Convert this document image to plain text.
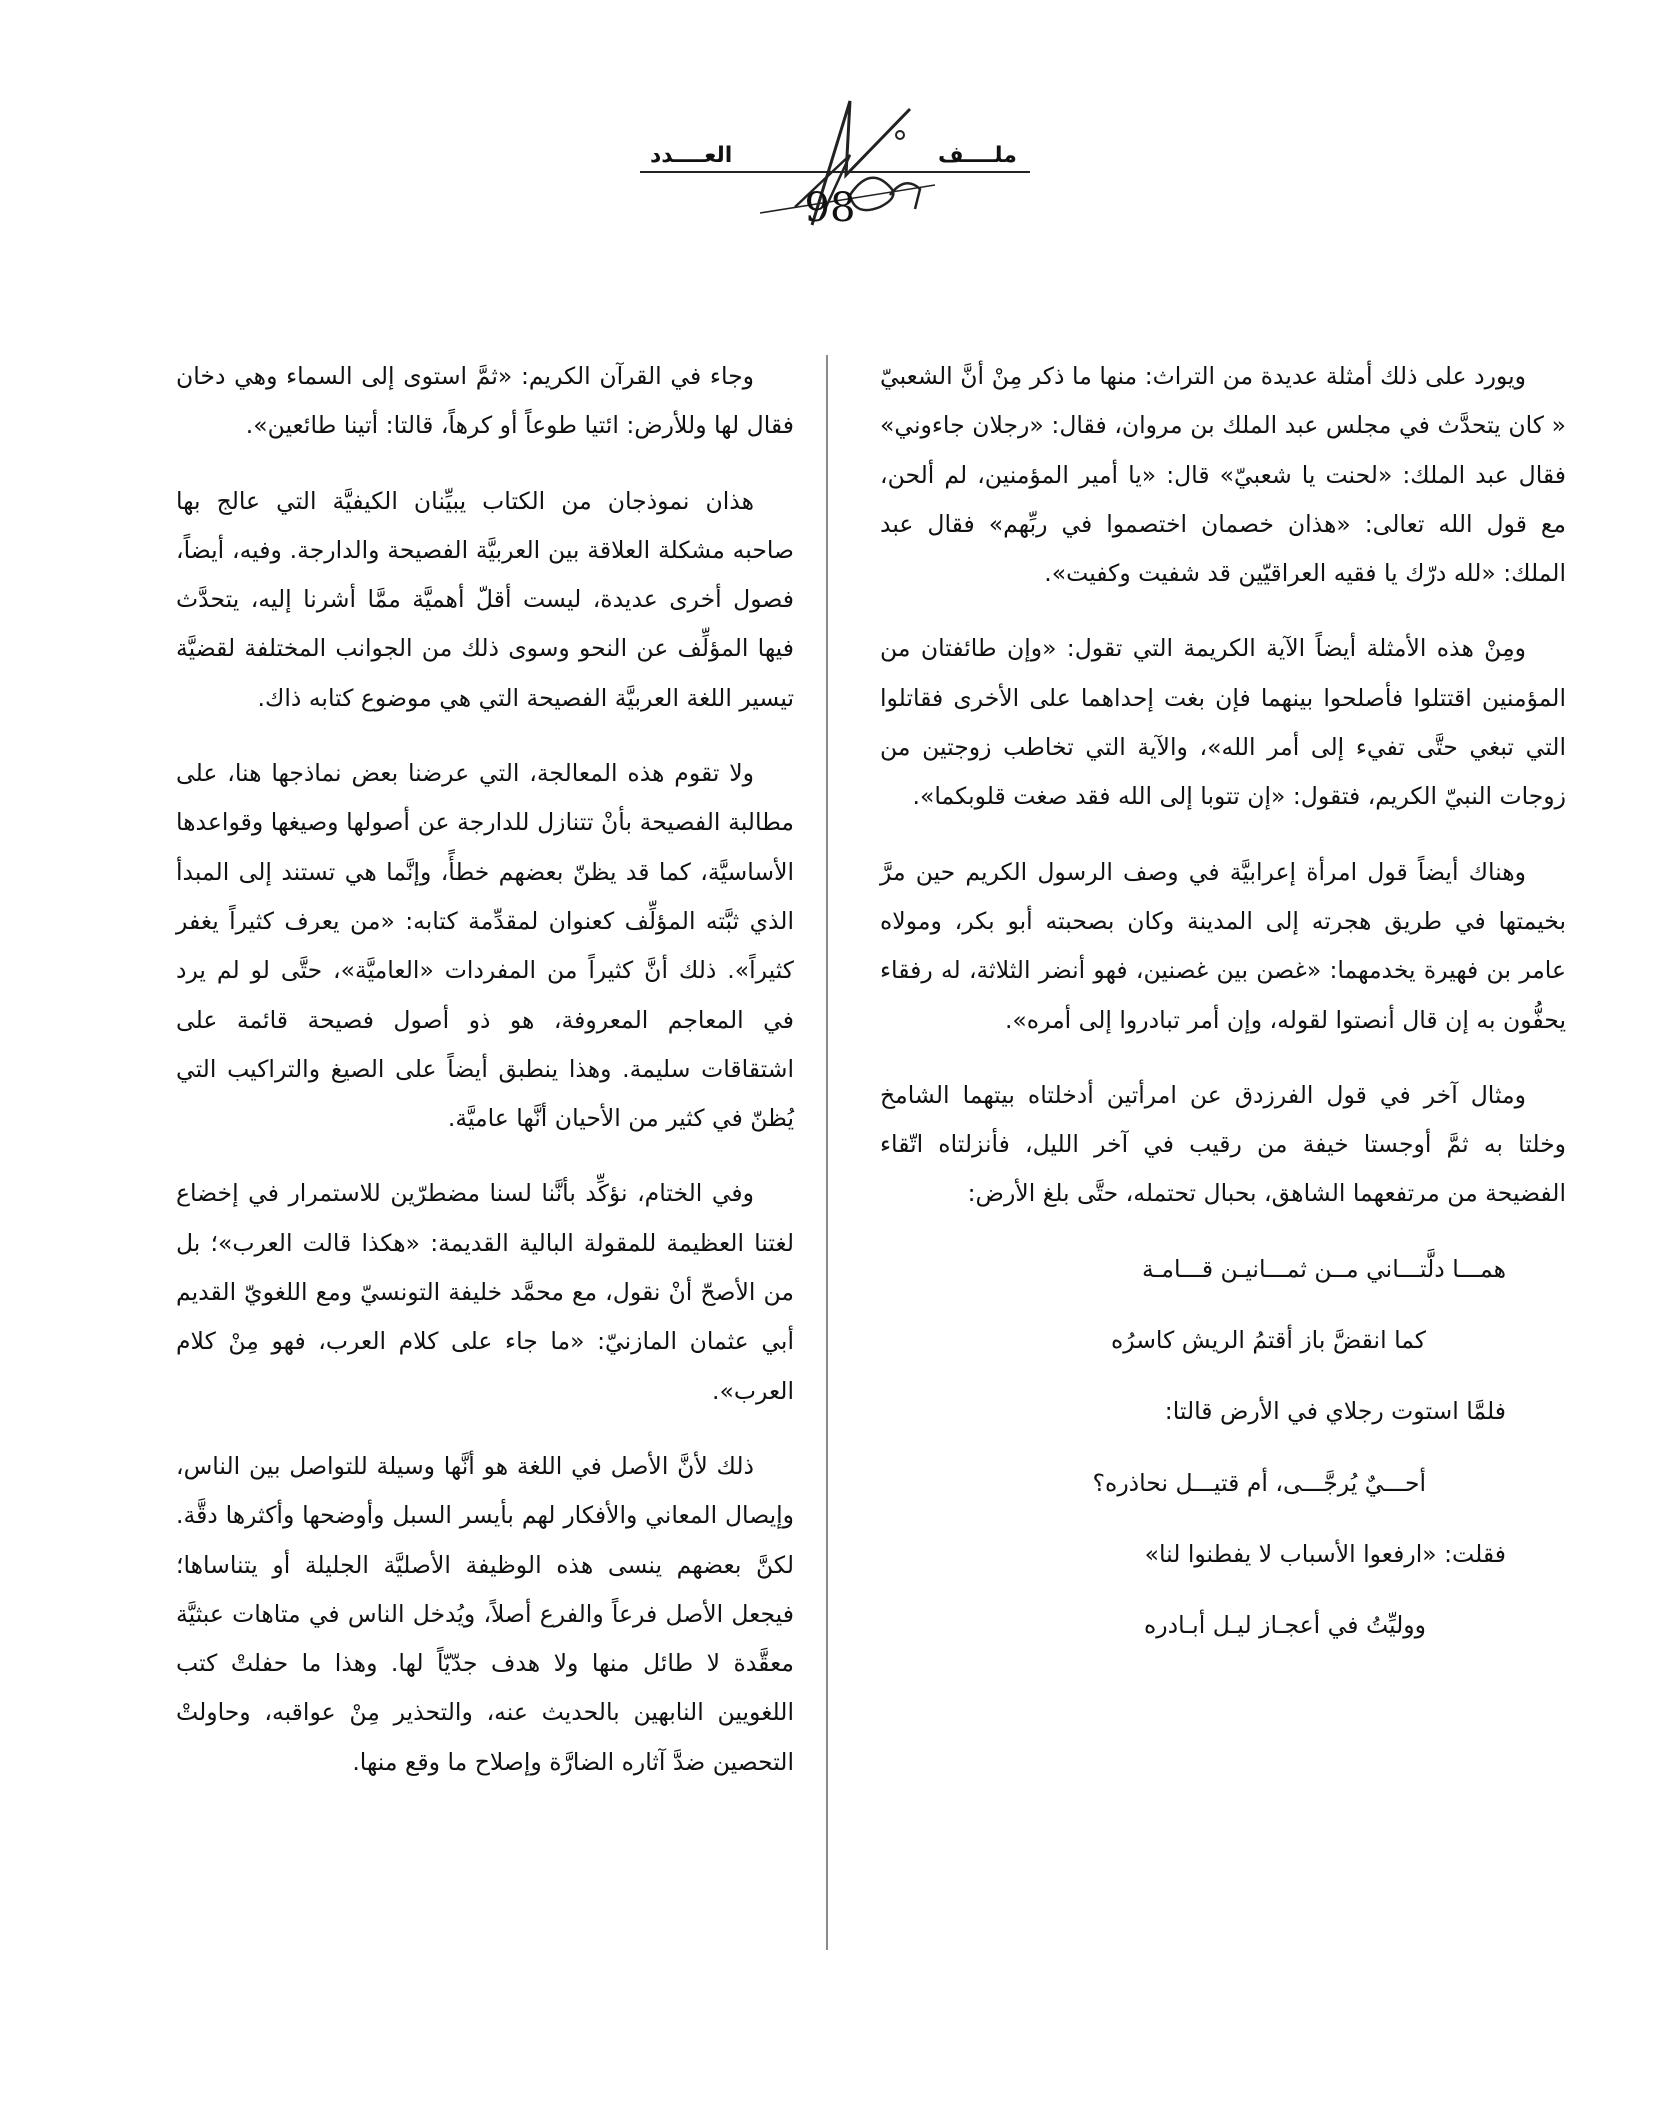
ملــــف
العــــدد
98

ويورد على ذلك أمثلة عديدة من التراث: منها ما ذكر مِنْ أنَّ الشعبيّ « كان يتحدَّث في مجلس عبد الملك بن مروان، فقال: «رجلان جاءوني» فقال عبد الملك: «لحنت يا شعبيّ» قال: «يا أمير المؤمنين، لم ألحن، مع قول الله تعالى: «هذان خصمان اختصموا في ربِّهم» فقال عبد الملك: «لله درّك يا فقيه العراقيّين قد شفيت وكفيت».

ومِنْ هذه الأمثلة أيضاً الآية الكريمة التي تقول: «وإن طائفتان من المؤمنين اقتتلوا فأصلحوا بينهما فإن بغت إحداهما على الأخرى فقاتلوا التي تبغي حتَّى تفيء إلى أمر الله»، والآية التي تخاطب زوجتين من زوجات النبيّ الكريم، فتقول: «إن تتوبا إلى الله فقد صغت قلوبكما».

وهناك أيضاً قول امرأة إعرابيَّة في وصف الرسول الكريم حين مرَّ بخيمتها في طريق هجرته إلى المدينة وكان بصحبته أبو بكر، ومولاه عامر بن فهيرة يخدمهما: «غصن بين غصنين، فهو أنضر الثلاثة، له رفقاء يحفُّون به إن قال أنصتوا لقوله، وإن أمر تبادروا إلى أمره».

ومثال آخر في قول الفرزدق عن امرأتين أدخلتاه بيتهما الشامخ وخلتا به ثمَّ أوجستا خيفة من رقيب في آخر الليل، فأنزلتاه اتّقاء الفضيحة من مرتفعهما الشاهق، بحبال تحتمله، حتَّى بلغ الأرض:

همـــا دلَّتـــاني مــن ثمـــانيـن قـــامـة
كما انقضَّ باز أقتمُ الريش كاسرُه
فلمَّا استوت رجلاي في الأرض قالتا:
أحـــيٌ يُرجَّـــى، أم قتيـــل نحاذره؟
فقلت: «ارفعوا الأسباب لا يفطنوا لنا»
ووليِّتُ في أعجـاز ليـل أبـادره

وجاء في القرآن الكريم: «ثمَّ استوى إلى السماء وهي دخان فقال لها وللأرض: ائتيا طوعاً أو كرهاً، قالتا: أتينا طائعين».

هذان نموذجان من الكتاب يبيِّنان الكيفيَّة التي عالج بها صاحبه مشكلة العلاقة بين العربيَّة الفصيحة والدارجة. وفيه، أيضاً، فصول أخرى عديدة، ليست أقلّ أهميَّة ممَّا أشرنا إليه، يتحدَّث فيها المؤلِّف عن النحو وسوى ذلك من الجوانب المختلفة لقضيَّة تيسير اللغة العربيَّة الفصيحة التي هي موضوع كتابه ذاك.

ولا تقوم هذه المعالجة، التي عرضنا بعض نماذجها هنا، على مطالبة الفصيحة بأنْ تتنازل للدارجة عن أصولها وصيغها وقواعدها الأساسيَّة، كما قد يظنّ بعضهم خطأً، وإنَّما هي تستند إلى المبدأ الذي ثبَّته المؤلِّف كعنوان لمقدِّمة كتابه: «من يعرف كثيراً يغفر كثيراً». ذلك أنَّ كثيراً من المفردات «العاميَّة»، حتَّى لو لم يرد في المعاجم المعروفة، هو ذو أصول فصيحة قائمة على اشتقاقات سليمة. وهذا ينطبق أيضاً على الصيغ والتراكيب التي يُظنّ في كثير من الأحيان أنَّها عاميَّة.

وفي الختام، نؤكِّد بأنَّنا لسنا مضطرّين للاستمرار في إخضاع لغتنا العظيمة للمقولة البالية القديمة: «هكذا قالت العرب»؛ بل من الأصحّ أنْ نقول، مع محمَّد خليفة التونسيّ ومع اللغويّ القديم أبي عثمان المازنيّ: «ما جاء على كلام العرب، فهو مِنْ كلام العرب».

ذلك لأنَّ الأصل في اللغة هو أنَّها وسيلة للتواصل بين الناس، وإيصال المعاني والأفكار لهم بأيسر السبل وأوضحها وأكثرها دقَّة. لكنَّ بعضهم ينسى هذه الوظيفة الأصليَّة الجليلة أو يتناساها؛ فيجعل الأصل فرعاً والفرع أصلاً، ويُدخل الناس في متاهات عبثيَّة معقَّدة لا طائل منها ولا هدف جدّيّاً لها. وهذا ما حفلتْ كتب اللغويين النابهين بالحديث عنه، والتحذير مِنْ عواقبه، وحاولتْ التحصين ضدَّ آثاره الضارَّة وإصلاح ما وقع منها.
